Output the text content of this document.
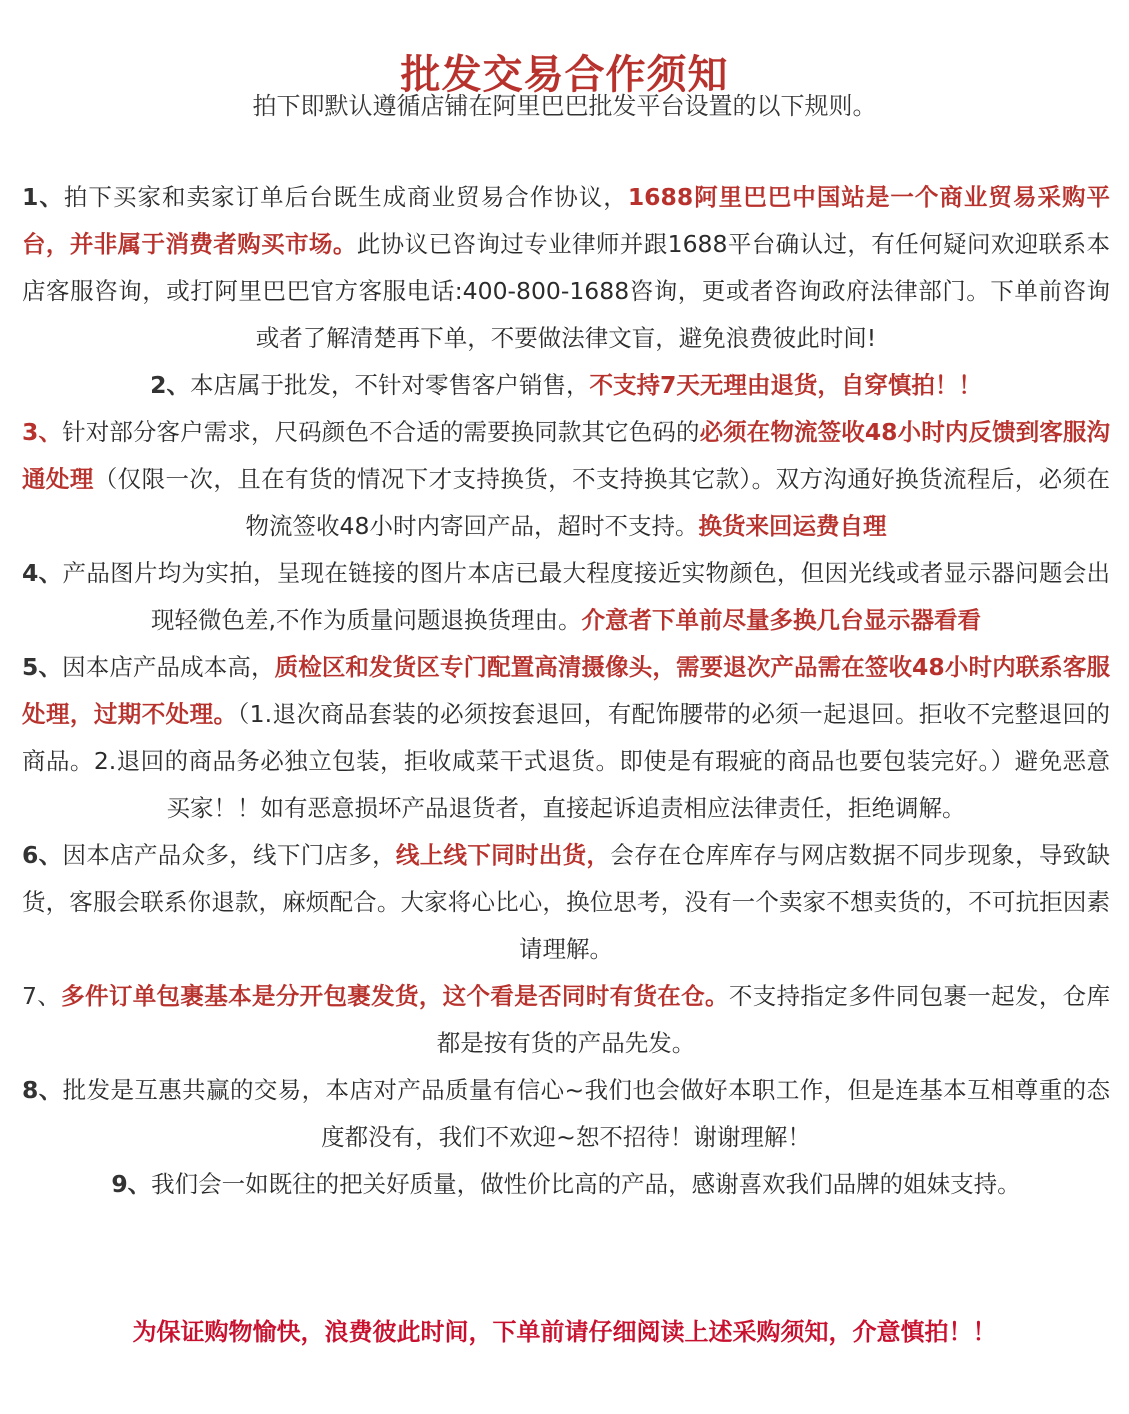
批发交易合作须知
拍下即默认遵循店铺在阿里巴巴批发平台设置的以下规则。

1、拍下买家和卖家订单后台既生成商业贸易合作协议，1688阿里巴巴中国站是一个商业贸易采购平台，并非属于消费者购买市场。此协议已咨询过专业律师并跟1688平台确认过，有任何疑问欢迎联系本店客服咨询，或打阿里巴巴官方客服电话:400-800-1688咨询，更或者咨询政府法律部门。下单前咨询或者了解清楚再下单，不要做法律文盲，避免浪费彼此时间!

2、本店属于批发，不针对零售客户销售，不支持7天无理由退货，自穿慎拍！！

3、针对部分客户需求，尺码颜色不合适的需要换同款其它色码的必须在物流签收48小时内反馈到客服沟通处理（仅限一次，且在有货的情况下才支持换货，不支持换其它款）。双方沟通好换货流程后，必须在物流签收48小时内寄回产品，超时不支持。换货来回运费自理

4、产品图片均为实拍，呈现在链接的图片本店已最大程度接近实物颜色，但因光线或者显示器问题会出现轻微色差,不作为质量问题退换货理由。介意者下单前尽量多换几台显示器看看

5、因本店产品成本高，质检区和发货区专门配置高清摄像头，需要退次产品需在签收48小时内联系客服处理，过期不处理。（1.退次商品套装的必须按套退回，有配饰腰带的必须一起退回。拒收不完整退回的商品。2.退回的商品务必独立包装，拒收咸菜干式退货。即使是有瑕疵的商品也要包装完好。）避免恶意买家！！如有恶意损坏产品退货者，直接起诉追责相应法律责任，拒绝调解。

6、因本店产品众多，线下门店多，线上线下同时出货，会存在仓库库存与网店数据不同步现象，导致缺货，客服会联系你退款，麻烦配合。大家将心比心，换位思考，没有一个卖家不想卖货的，不可抗拒因素请理解。

7、多件订单包裹基本是分开包裹发货，这个看是否同时有货在仓。不支持指定多件同包裹一起发，仓库都是按有货的产品先发。

8、批发是互惠共赢的交易，本店对产品质量有信心~我们也会做好本职工作，但是连基本互相尊重的态度都没有，我们不欢迎~恕不招待！谢谢理解！

9、我们会一如既往的把关好质量，做性价比高的产品，感谢喜欢我们品牌的姐妹支持。

为保证购物愉快，浪费彼此时间，下单前请仔细阅读上述采购须知，介意慎拍！！
